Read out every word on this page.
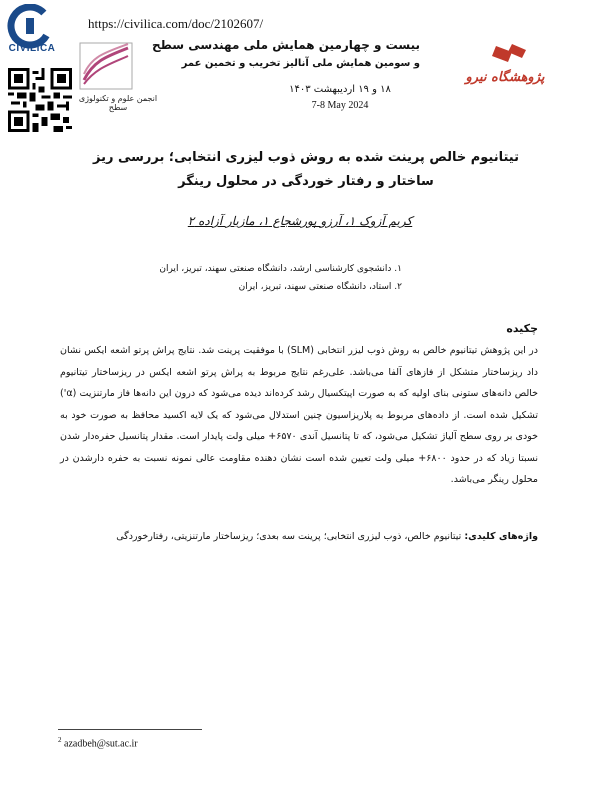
CIVILICA
https://civilica.com/doc/2102607/
انجمن علوم و تکنولوژی سطح
بیست و چهارمین همایش ملی مهندسی سطح
و سومین همایش ملی آنالیز تخریب و تخمین عمر
۱۸ و ۱۹ اردیبهشت ۱۴۰۳
7-8 May 2024
پژوهشگاه نیرو
تیتانیوم خالص پرینت شده به روش ذوب لیزری انتخابی؛ بررسی ریز ساختار و رفتار خوردگی در محلول رینگر
کریم آزوک ۱، آرزو پورشجاع ۱، مازیار آزاده ۲
۱. دانشجوی کارشناسی ارشد، دانشگاه صنعتی سهند، تبریز، ایران
۲. استاد، دانشگاه صنعتی سهند، تبریز، ایران
چکیده
در این پژوهش تیتانیوم خالص به روش ذوب لیزر انتخابی (SLM) با موفقیت پرینت شد. نتایج پراش پرتو اشعه ایکس نشان داد ریزساختار متشکل از فازهای آلفا می‌باشد. علی‌رغم نتایج مربوط به پراش پرتو اشعه ایکس در ریزساختار تیتانیوم خالص دانه‌های ستونی بنای اولیه که به صورت اپیتکسیال رشد کرده‌اند دیده می‌شود که درون این دانه‌ها فاز مارتنزیت (α') تشکیل شده است. از داده‌های مربوط به پلاریزاسیون چنین استدلال می‌شود که یک لایه اکسید محافظ به صورت خود به خودی بر روی سطح آلیاژ تشکیل می‌شود، که تا پتانسیل آندی ۶۵۷۰+ میلی ولت پایدار است. مقدار پتانسیل حفره‌دار شدن نسبتا زیاد که در حدود ۶۸۰۰+ میلی ولت تعیین شده است نشان دهنده مقاومت عالی نمونه نسبت به حفره دارشدن در محلول رینگر می‌باشد.
واژه‌های کلیدی: تیتانیوم خالص، ذوب لیزری انتخابی؛ پرینت سه بعدی؛ ریزساختار مارتنزیتی، رفتارخوردگی
$^2$ azadbeh@sut.ac.ir
